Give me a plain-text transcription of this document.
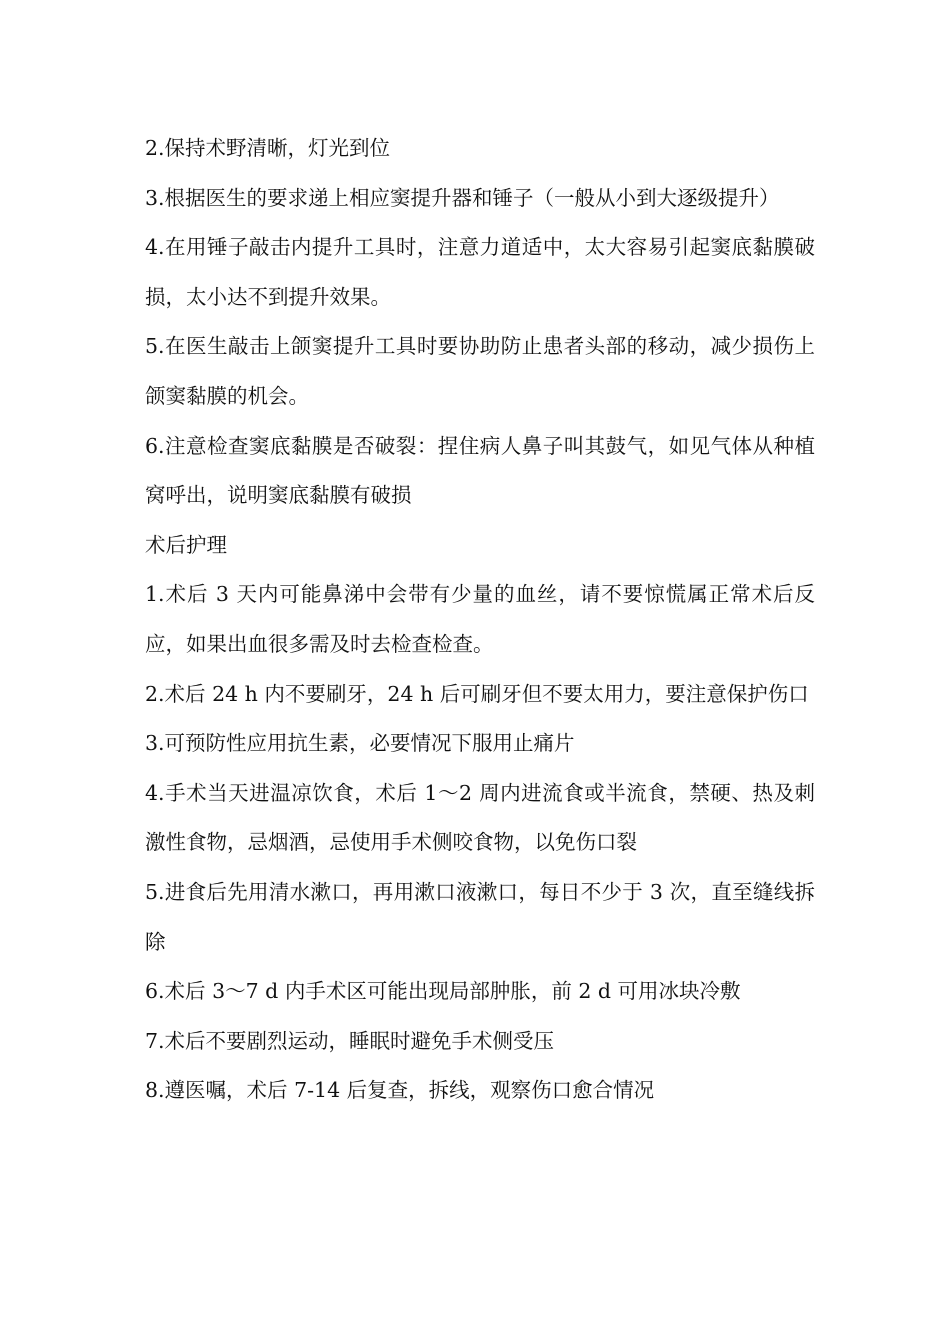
2.保持术野清晰，灯光到位

3.根据医生的要求递上相应窦提升器和锤子（一般从小到大逐级提升）

4.在用锤子敲击内提升工具时，注意力道适中，太大容易引起窦底黏膜破损，太小达不到提升效果。

5.在医生敲击上颌窦提升工具时要协助防止患者头部的移动，减少损伤上颌窦黏膜的机会。

6.注意检查窦底黏膜是否破裂：捏住病人鼻子叫其鼓气，如见气体从种植窝呼出，说明窦底黏膜有破损

术后护理

1.术后 3 天内可能鼻涕中会带有少量的血丝，请不要惊慌属正常术后反应，如果出血很多需及时去检查检查。

2.术后 24 h 内不要刷牙，24 h 后可刷牙但不要太用力，要注意保护伤口

3.可预防性应用抗生素，必要情况下服用止痛片

4.手术当天进温凉饮食，术后 1～2 周内进流食或半流食，禁硬、热及刺激性食物，忌烟酒，忌使用手术侧咬食物，以免伤口裂

5.进食后先用清水漱口，再用漱口液漱口，每日不少于 3 次，直至缝线拆除

6.术后 3～7 d 内手术区可能出现局部肿胀，前 2 d 可用冰块冷敷

7.术后不要剧烈运动，睡眠时避免手术侧受压

8.遵医嘱，术后 7-14 后复查，拆线，观察伤口愈合情况
